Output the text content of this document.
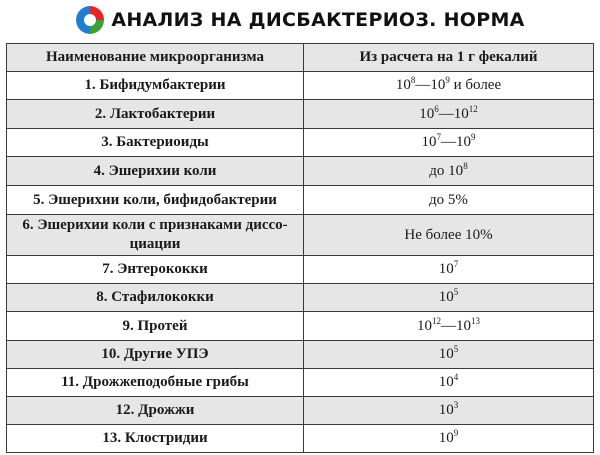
АНАЛИЗ НА ДИСБАКТЕРИОЗ. НОРМА
Наименование микроорганизма	Из расчета на 1 г фекалий
1. Бифидумбактерии	$10^8—10^9$ и более
2. Лактобактерии	$10^6—10^{12}$
3. Бактериоиды	$10^7—10^9$
4. Эшерихии коли	до $10^8$
5. Эшерихии коли, бифидобактерии	до 5%

6. Эшерихии коли с признаками диссо-
циации	Не более 10%
7. Энтерококки	$10^7$
8. Стафилококки	$10^5$
9. Протей	$10^{12}—10^{13}$
10. Другие УПЭ	$10^5$
11. Дрожжеподобные грибы	$10^4$
12. Дрожжи	$10^3$
13. Клостридии	$10^9$
